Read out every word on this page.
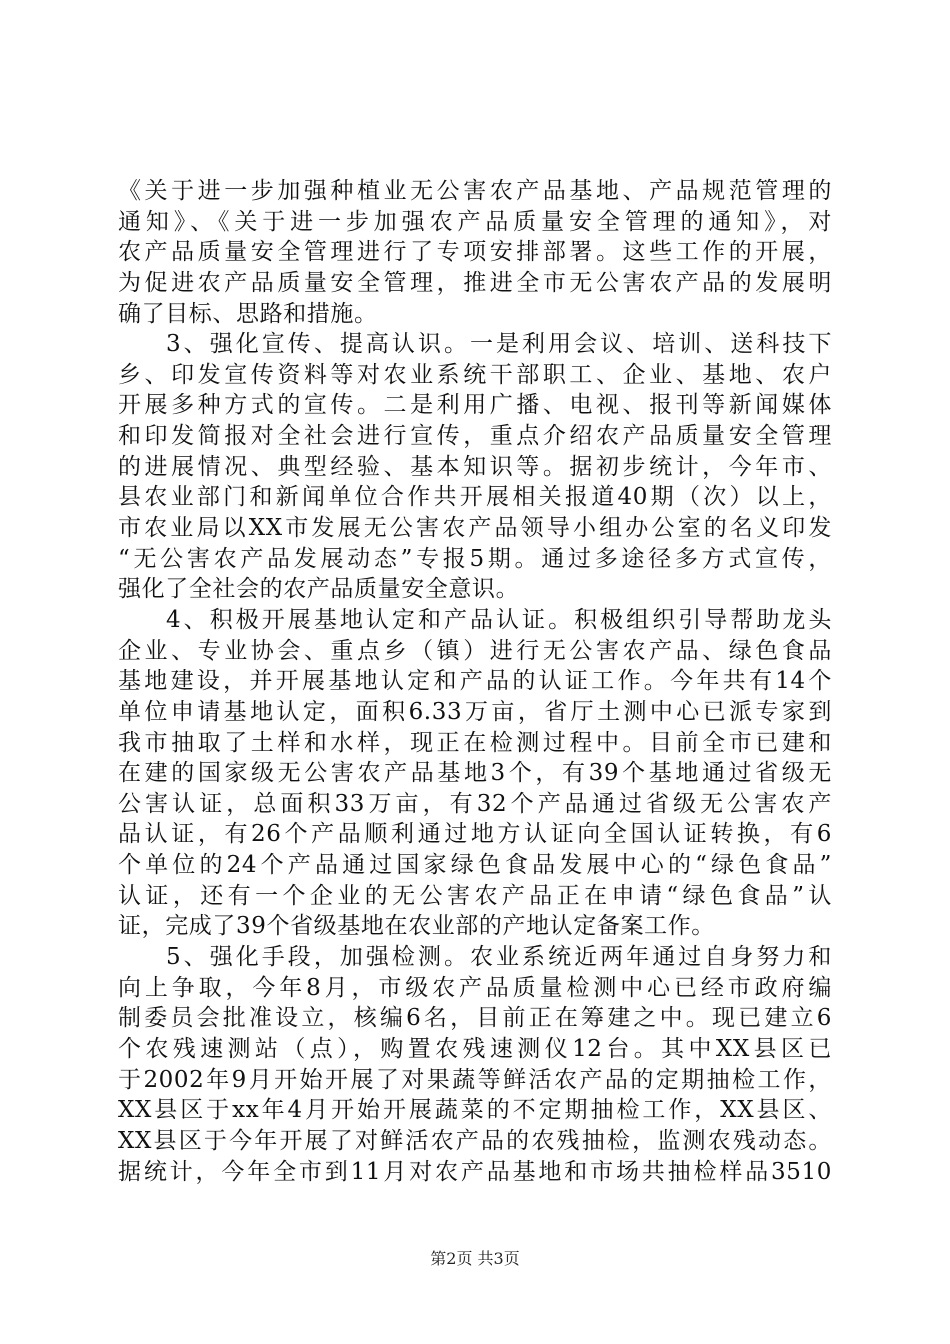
《关于进一步加强种植业无公害农产品基地、产品规范管理的
通知》、《关于进一步加强农产品质量安全管理的通知》，对
农产品质量安全管理进行了专项安排部署。这些工作的开展，
为促进农产品质量安全管理，推进全市无公害农产品的发展明
确了目标、思路和措施。
3、强化宣传、提高认识。一是利用会议、培训、送科技下
乡、印发宣传资料等对农业系统干部职工、企业、基地、农户
开展多种方式的宣传。二是利用广播、电视、报刊等新闻媒体
和印发简报对全社会进行宣传，重点介绍农产品质量安全管理
的进展情况、典型经验、基本知识等。据初步统计，今年市、
县农业部门和新闻单位合作共开展相关报道40期（次）以上，
市农业局以XX市发展无公害农产品领导小组办公室的名义印发
“无公害农产品发展动态”专报5期。通过多途径多方式宣传，
强化了全社会的农产品质量安全意识。
4、积极开展基地认定和产品认证。积极组织引导帮助龙头
企业、专业协会、重点乡（镇）进行无公害农产品、绿色食品
基地建设，并开展基地认定和产品的认证工作。今年共有14个
单位申请基地认定，面积6.33万亩，省厅土测中心已派专家到
我市抽取了土样和水样，现正在检测过程中。目前全市已建和
在建的国家级无公害农产品基地3个，有39个基地通过省级无
公害认证，总面积33万亩，有32个产品通过省级无公害农产
品认证，有26个产品顺利通过地方认证向全国认证转换，有6
个单位的24个产品通过国家绿色食品发展中心的“绿色食品”
认证，还有一个企业的无公害农产品正在申请“绿色食品”认
证，完成了39个省级基地在农业部的产地认定备案工作。
5、强化手段，加强检测。农业系统近两年通过自身努力和
向上争取，今年8月，市级农产品质量检测中心已经市政府编
制委员会批准设立，核编6名，目前正在筹建之中。现已建立6
个农残速测站（点），购置农残速测仪12台。其中XX县区已
于2002年9月开始开展了对果蔬等鲜活农产品的定期抽检工作，
XX县区于xx年4月开始开展蔬菜的不定期抽检工作，XX县区、
XX县区于今年开展了对鲜活农产品的农残抽检，监测农残动态。
据统计，今年全市到11月对农产品基地和市场共抽检样品3510
第2页 共3页
